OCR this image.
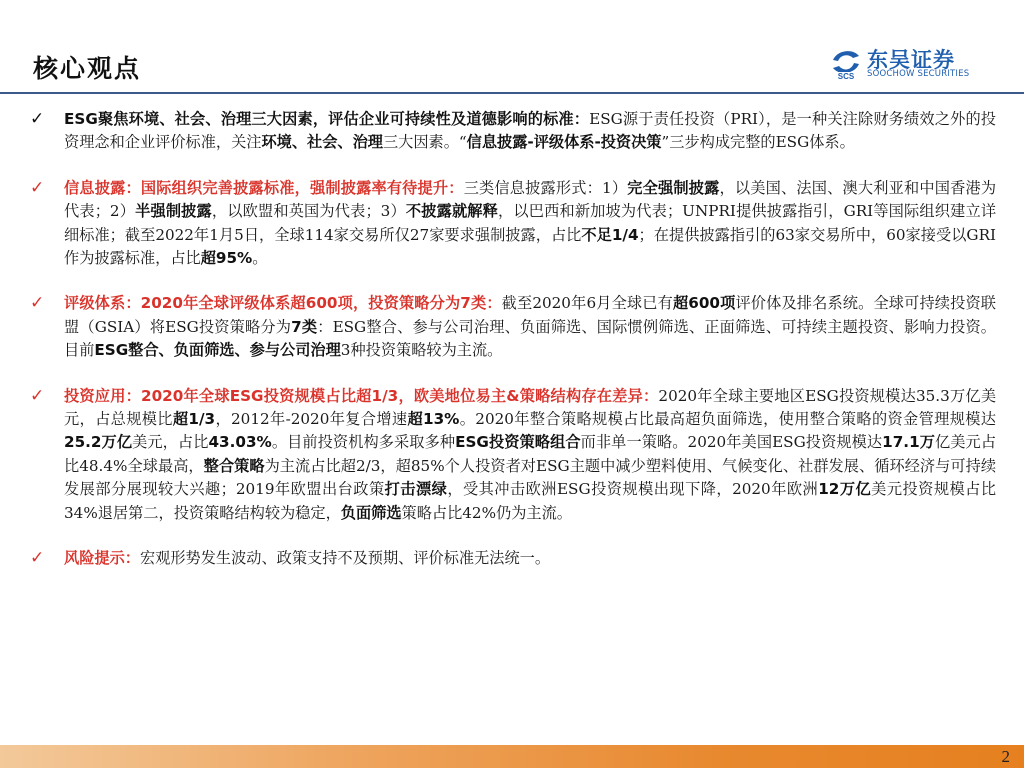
核心观点	SCS
东吴证券
SOOCHOW SECURITIES
✓ ESG聚焦环境、社会、治理三大因素，评估企业可持续性及道德影响的标准：ESG源于责任投资（PRI），是一种关注除财务绩效之外的投资理念和企业评价标准，关注环境、社会、治理三大因素。“信息披露-评级体系-投资决策”三步构成完整的ESG体系。
✓ 信息披露：国际组织完善披露标准，强制披露率有待提升：三类信息披露形式：1）完全强制披露，以美国、法国、澳大利亚和中国香港为代表；2）半强制披露，以欧盟和英国为代表；3）不披露就解释，以巴西和新加坡为代表；UNPRI提供披露指引，GRI等国际组织建立详细标准；截至2022年1月5日，全球114家交易所仅27家要求强制披露，占比不足1/4；在提供披露指引的63家交易所中，60家接受以GRI作为披露标准，占比超95%。
✓ 评级体系：2020年全球评级体系超600项，投资策略分为7类：截至2020年6月全球已有超600项评价体及排名系统。全球可持续投资联盟（GSIA）将ESG投资策略分为7类：ESG整合、参与公司治理、负面筛选、国际惯例筛选、正面筛选、可持续主题投资、影响力投资。目前ESG整合、负面筛选、参与公司治理3种投资策略较为主流。
✓ 投资应用：2020年全球ESG投资规模占比超1/3，欧美地位易主&策略结构存在差异：2020年全球主要地区ESG投资规模达35.3万亿美元，占总规模比超1/3，2012年-2020年复合增速超13%。2020年整合策略规模占比最高超负面筛选，使用整合策略的资金管理规模达25.2万亿美元，占比43.03%。目前投资机构多采取多种ESG投资策略组合而非单一策略。2020年美国ESG投资规模达17.1万亿美元占比48.4%全球最高，整合策略为主流占比超2/3，超85%个人投资者对ESG主题中减少塑料使用、气候变化、社群发展、循环经济与可持续发展部分展现较大兴趣；2019年欧盟出台政策打击漂绿，受其冲击欧洲ESG投资规模出现下降，2020年欧洲12万亿美元投资规模占比34%退居第二，投资策略结构较为稳定，负面筛选策略占比42%仍为主流。
✓ 风险提示：宏观形势发生波动、政策支持不及预期、评价标准无法统一。
2
